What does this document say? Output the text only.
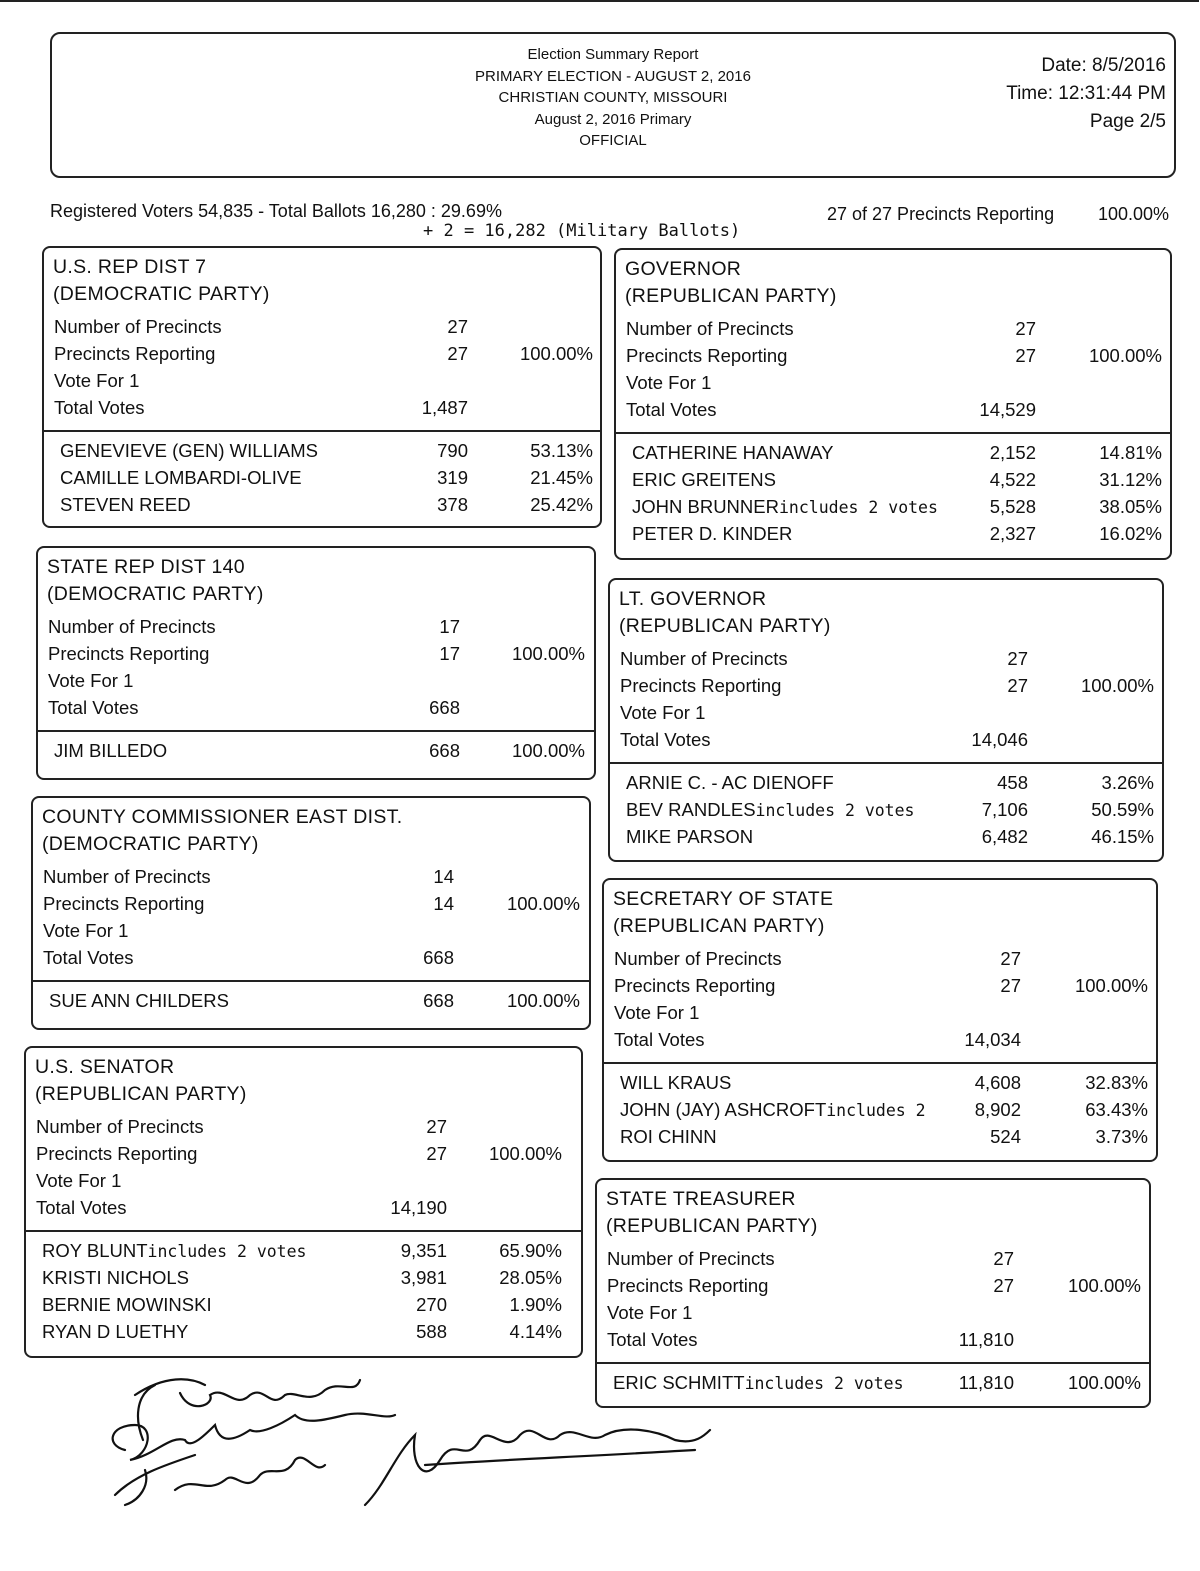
Election Summary Report
PRIMARY ELECTION - AUGUST 2, 2016
CHRISTIAN COUNTY, MISSOURI
August 2, 2016 Primary
OFFICIAL
Date: 8/5/2016
Time: 12:31:44 PM
Page 2/5
Registered Voters 54,835 - Total Ballots 16,280 : 29.69%
+ 2 = 16,282 (Military Ballots)
27 of 27 Precincts Reporting 100.00%
U.S. REP DIST 7
(DEMOCRATIC PARTY)
Number of Precincts	27
Precincts Reporting	27	100.00%
Vote For 1
Total Votes	1,487
GENEVIEVE (GEN) WILLIAMS	790	53.13%
CAMILLE LOMBARDI-OLIVE	319	21.45%
STEVEN REED	378	25.42%
STATE REP DIST 140
(DEMOCRATIC PARTY)
Number of Precincts	17
Precincts Reporting	17	100.00%
Vote For 1
Total Votes	668
JIM BILLEDO	668	100.00%
COUNTY COMMISSIONER EAST DIST.
(DEMOCRATIC PARTY)
Number of Precincts	14
Precincts Reporting	14	100.00%
Vote For 1
Total Votes	668
SUE ANN CHILDERS	668	100.00%
U.S. SENATOR
(REPUBLICAN PARTY)
Number of Precincts	27
Precincts Reporting	27 100.00%
Vote For 1
Total Votes	14,190
ROY BLUNTincludes 2 votes	9,351	65.90%
KRISTI NICHOLS	3,981	28.05%
BERNIE MOWINSKI	270	1.90%
RYAN D LUETHY	588	4.14%
GOVERNOR
(REPUBLICAN PARTY)
Number of Precincts	27
Precincts Reporting	27	100.00%
Vote For 1
Total Votes	14,529
CATHERINE HANAWAY	2,152	14.81%
ERIC GREITENS	4,522	31.12%
JOHN BRUNNERincludes 2 votes	5,528	38.05%
PETER D. KINDER	2,327	16.02%
LT. GOVERNOR
(REPUBLICAN PARTY)
Number of Precincts	27
Precincts Reporting	27	100.00%
Vote For 1
Total Votes	14,046
ARNIE C. - AC DIENOFF	458	3.26%
BEV RANDLESincludes 2 votes	7,106	50.59%
MIKE PARSON	6,482	46.15%
SECRETARY OF STATE
(REPUBLICAN PARTY)
Number of Precincts	27
Precincts Reporting	27	100.00%
Vote For 1
Total Votes	14,034
WILL KRAUS	4,608	32.83%
JOHN (JAY) ASHCROFTincludes 2	8,902	63.43%
ROI CHINN	524	3.73%
STATE TREASURER
(REPUBLICAN PARTY)
Number of Precincts	27
Precincts Reporting	27	100.00%
Vote For 1
Total Votes	11,810
ERIC SCHMITTincludes 2 votes	11,810	100.00%
